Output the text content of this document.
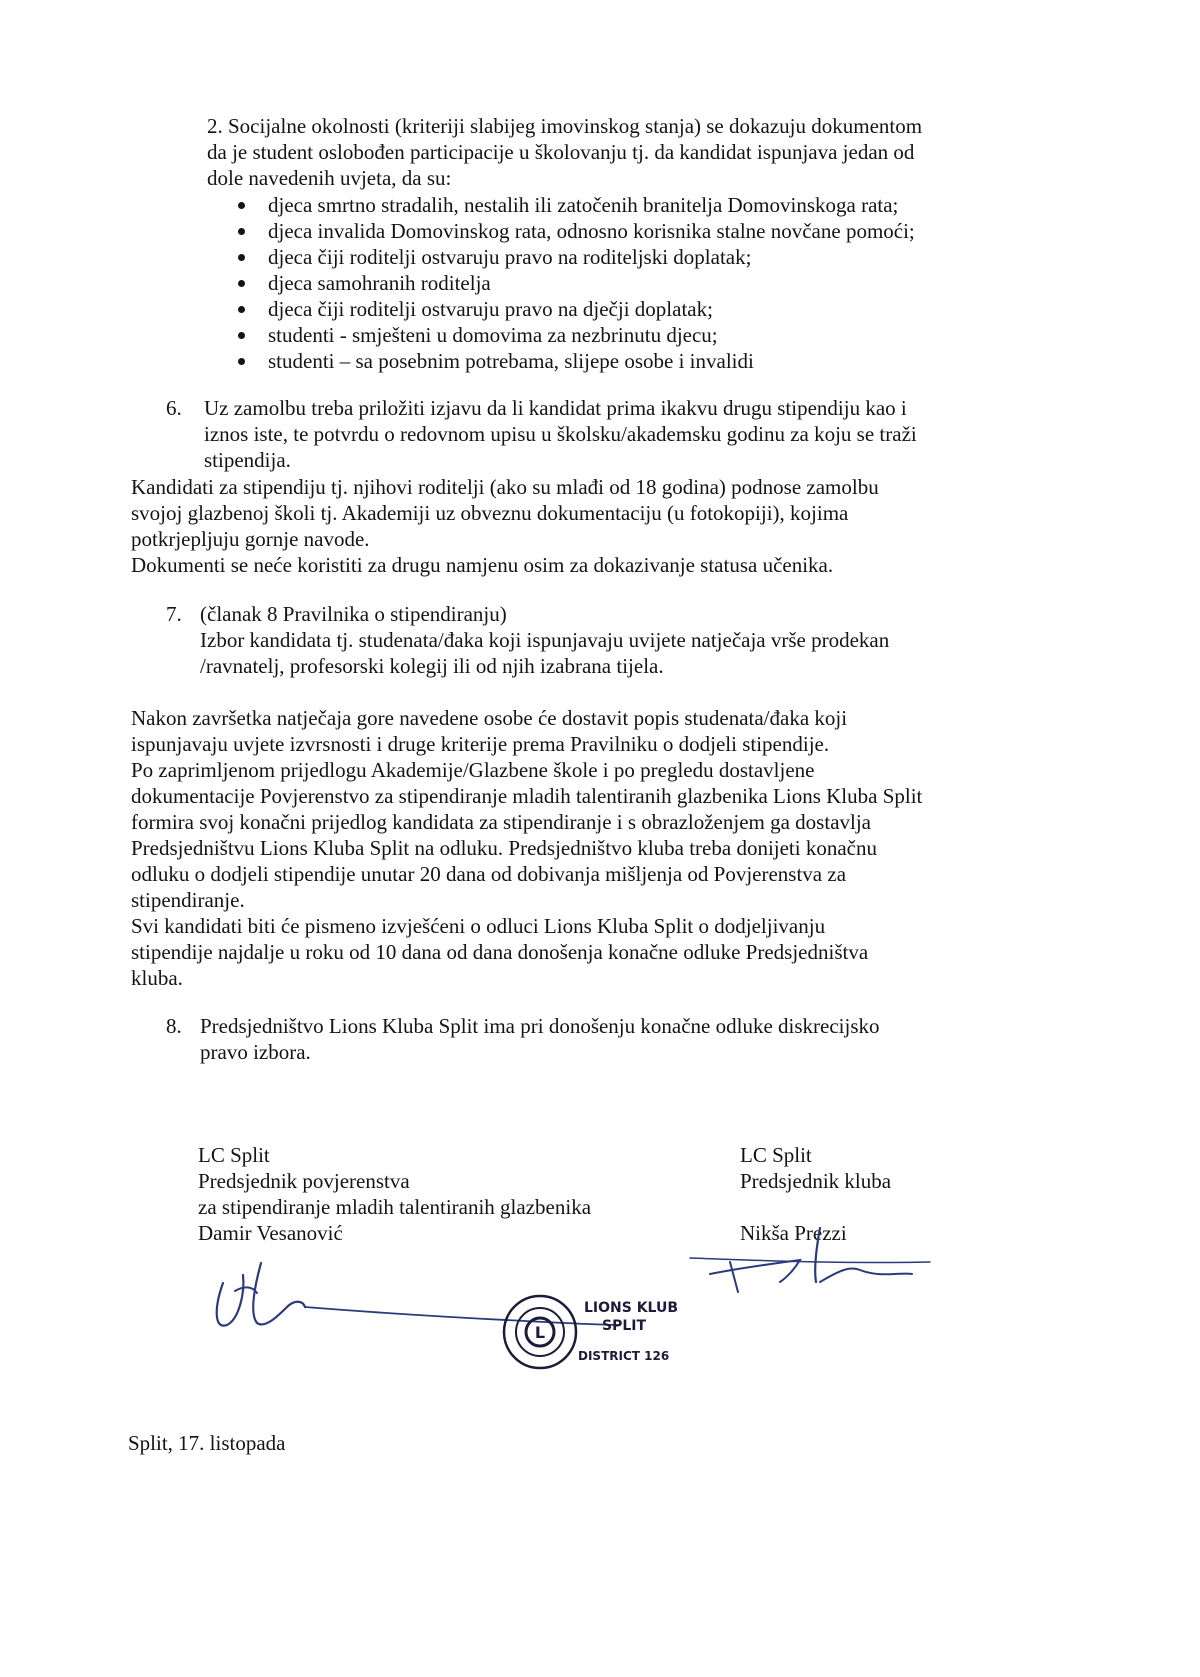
2. Socijalne okolnosti (kriteriji slabijeg imovinskog stanja) se dokazuju dokumentom
da je student oslobođen participacije u školovanju tj. da kandidat ispunjava jedan od
dole navedenih uvjeta, da su:
djeca smrtno stradalih, nestalih ili zatočenih branitelja Domovinskoga rata;
djeca invalida Domovinskog rata, odnosno korisnika stalne novčane pomoći;
djeca čiji roditelji ostvaruju pravo na roditeljski doplatak;
djeca samohranih roditelja
djeca čiji roditelji ostvaruju pravo na dječji doplatak;
studenti - smješteni u domovima za nezbrinutu djecu;
studenti – sa posebnim potrebama, slijepe osobe i invalidi
6. Uz zamolbu treba priložiti izjavu da li kandidat prima ikakvu drugu stipendiju kao i
iznos iste, te potvrdu o redovnom upisu u školsku/akademsku godinu za koju se traži
stipendija.
Kandidati za stipendiju tj. njihovi roditelji (ako su mlađi od 18 godina) podnose zamolbu
svojoj glazbenoj školi tj. Akademiji uz obveznu dokumentaciju (u fotokopiji), kojima
potkrjepljuju gornje navode.
Dokumenti se neće koristiti za drugu namjenu osim za dokazivanje statusa učenika.
7. (članak 8 Pravilnika o stipendiranju)
Izbor kandidata tj. studenata/đaka koji ispunjavaju uvijete natječaja vrše prodekan
/ravnatelj, profesorski kolegij ili od njih izabrana tijela.
Nakon završetka natječaja gore navedene osobe će dostavit popis studenata/đaka koji
ispunjavaju uvjete izvrsnosti i druge kriterije prema Pravilniku o dodjeli stipendije.
Po zaprimljenom prijedlogu Akademije/Glazbene škole i po pregledu dostavljene
dokumentacije Povjerenstvo za stipendiranje mladih talentiranih glazbenika Lions Kluba Split
formira svoj konačni prijedlog kandidata za stipendiranje i s obrazloženjem ga dostavlja
Predsjedništvu Lions Kluba Split na odluku. Predsjedništvo kluba treba donijeti konačnu
odluku o dodjeli stipendije unutar 20 dana od dobivanja mišljenja od Povjerenstva za
stipendiranje.
Svi kandidati biti će pismeno izvješćeni o odluci Lions Kluba Split o dodjeljivanju
stipendije najdalje u roku od 10 dana od dana donošenja konačne odluke Predsjedništva
kluba.
8. Predsjedništvo Lions Kluba Split ima pri donošenju konačne odluke diskrecijsko
pravo izbora.
LC Split
Predsjednik povjerenstva
za stipendiranje mladih talentiranih glazbenika
Damir Vesanović
LC Split
Predsjednik kluba
Nikša Prezzi
L
LIONS KLUB
SPLIT
DISTRICT 126
Split, 17. listopada
